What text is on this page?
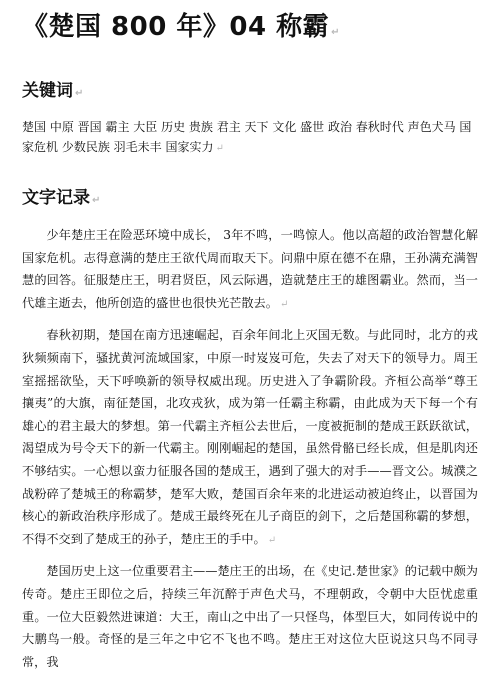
《楚国 800 年》04 称霸 ↵
关键词 ↵
楚国 中原 晋国 霸主 大臣 历史 贵族 君主 天下 文化 盛世 政治 春秋时代 声色犬马 国家危机 少数民族 羽毛未丰 国家实力 ↵
文字记录 ↵
少年楚庄王在险恶环境中成长， 3年不鸣，一鸣惊人。他以高超的政治智慧化解国家危机。志得意满的楚庄王欲代周而取天下。问鼎中原在德不在鼎，王孙满充满智慧的回答。征服楚庄王，明君贤臣，风云际遇，造就楚庄王的雄图霸业。然而，当一代雄主逝去，他所创造的盛世也很快光芒散去。 ↵
春秋初期，楚国在南方迅速崛起，百余年间北上灭国无数。与此同时，北方的戎狄频频南下，骚扰黄河流域国家，中原一时岌岌可危，失去了对天下的领导力。周王室摇摇欲坠，天下呼唤新的领导权威出现。历史进入了争霸阶段。齐桓公高举“尊王攘夷”的大旗，南征楚国，北攻戎狄，成为第一任霸主称霸，由此成为天下每一个有雄心的君主最大的梦想。第一代霸主齐桓公去世后，一度被扼制的楚成王跃跃欲试，渴望成为号令天下的新一代霸主。刚刚崛起的楚国，虽然骨骼已经长成，但是肌肉还不够结实。一心想以蛮力征服各国的楚成王，遇到了强大的对手——晋文公。城濮之战粉碎了楚城王的称霸梦，楚军大败，楚国百余年来的北进运动被迫终止，以晋国为核心的新政治秩序形成了。楚成王最终死在儿子商臣的剑下，之后楚国称霸的梦想，不得不交到了楚成王的孙子，楚庄王的手中。 ↵
楚国历史上这一位重要君主——楚庄王的出场，在《史记.楚世家》的记载中颇为传奇。楚庄王即位之后，持续三年沉醉于声色犬马，不理朝政，令朝中大臣忧虑重重。一位大臣毅然进谏道：大王，南山之中出了一只怪鸟，体型巨大，如同传说中的大鹏鸟一般。奇怪的是三年之中它不飞也不鸣。楚庄王对这位大臣说这只鸟不同寻常，我
